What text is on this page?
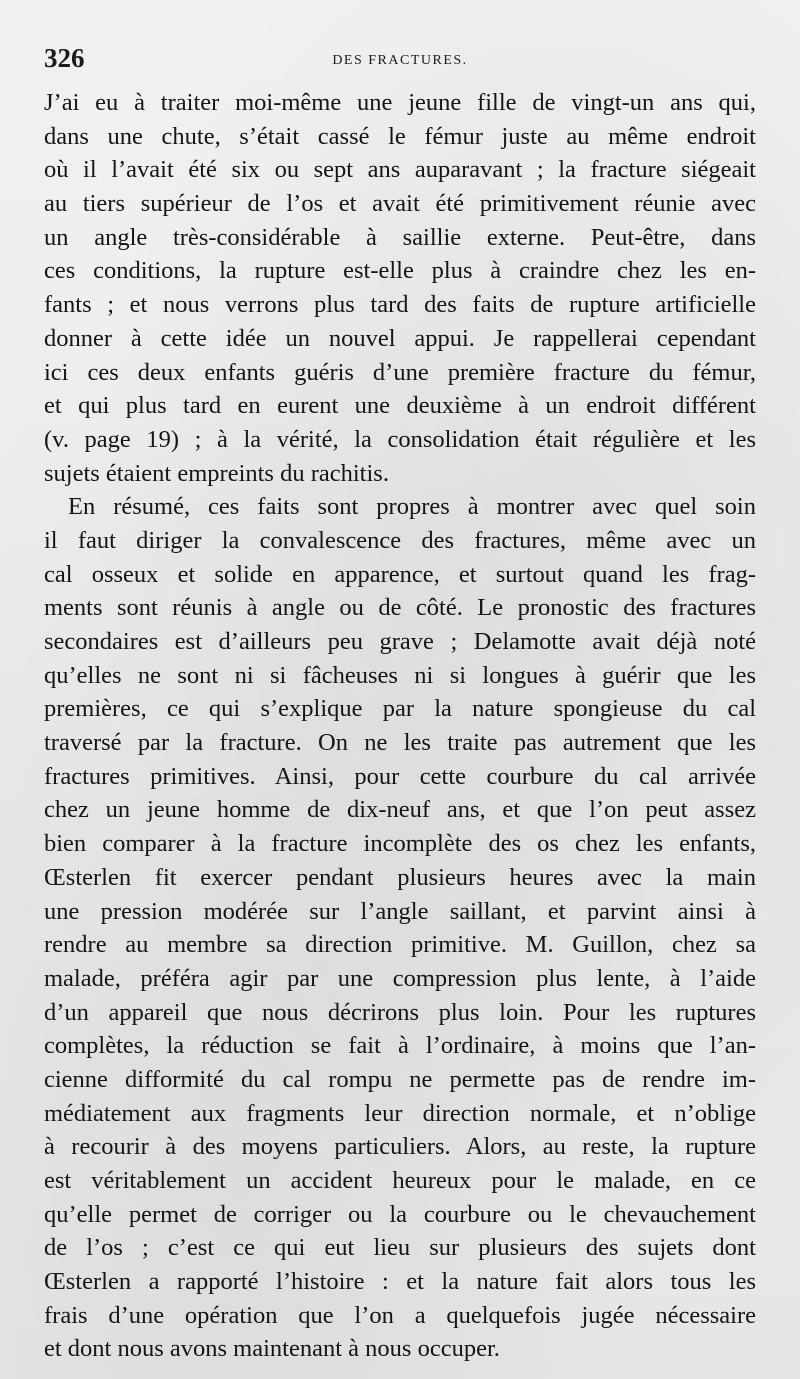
326	DES FRACTURES.
J’ai eu à traiter moi-même une jeune fille de vingt-un ans qui,
dans une chute, s’était cassé le fémur juste au même endroit
où il l’avait été six ou sept ans auparavant ; la fracture siégeait
au tiers supérieur de l’os et avait été primitivement réunie avec
un angle très-considérable à saillie externe. Peut-être, dans
ces conditions, la rupture est-elle plus à craindre chez les en-
fants ; et nous verrons plus tard des faits de rupture artificielle
donner à cette idée un nouvel appui. Je rappellerai cependant
ici ces deux enfants guéris d’une première fracture du fémur,
et qui plus tard en eurent une deuxième à un endroit différent
(v. page 19) ; à la vérité, la consolidation était régulière et les
sujets étaient empreints du rachitis.
En résumé, ces faits sont propres à montrer avec quel soin
il faut diriger la convalescence des fractures, même avec un
cal osseux et solide en apparence, et surtout quand les frag-
ments sont réunis à angle ou de côté. Le pronostic des fractures
secondaires est d’ailleurs peu grave ; Delamotte avait déjà noté
qu’elles ne sont ni si fâcheuses ni si longues à guérir que les
premières, ce qui s’explique par la nature spongieuse du cal
traversé par la fracture. On ne les traite pas autrement que les
fractures primitives. Ainsi, pour cette courbure du cal arrivée
chez un jeune homme de dix-neuf ans, et que l’on peut assez
bien comparer à la fracture incomplète des os chez les enfants,
Œsterlen fit exercer pendant plusieurs heures avec la main
une pression modérée sur l’angle saillant, et parvint ainsi à
rendre au membre sa direction primitive. M. Guillon, chez sa
malade, préféra agir par une compression plus lente, à l’aide
d’un appareil que nous décrirons plus loin. Pour les ruptures
complètes, la réduction se fait à l’ordinaire, à moins que l’an-
cienne difformité du cal rompu ne permette pas de rendre im-
médiatement aux fragments leur direction normale, et n’oblige
à recourir à des moyens particuliers. Alors, au reste, la rupture
est véritablement un accident heureux pour le malade, en ce
qu’elle permet de corriger ou la courbure ou le chevauchement
de l’os ; c’est ce qui eut lieu sur plusieurs des sujets dont
Œsterlen a rapporté l’histoire : et la nature fait alors tous les
frais d’une opération que l’on a quelquefois jugée nécessaire
et dont nous avons maintenant à nous occuper.
